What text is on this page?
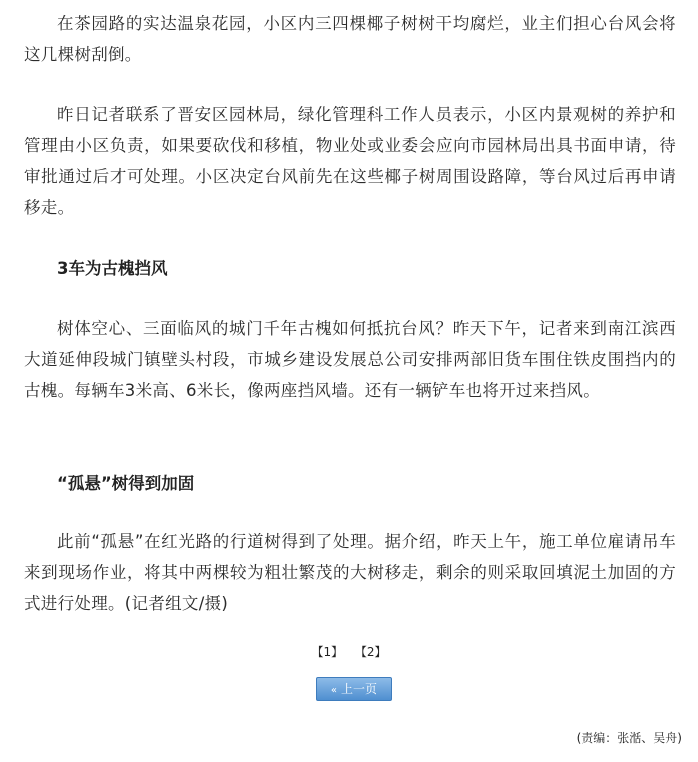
在茶园路的实达温泉花园，小区内三四棵椰子树树干均腐烂，业主们担心台风会将这几棵树刮倒。

昨日记者联系了晋安区园林局，绿化管理科工作人员表示，小区内景观树的养护和管理由小区负责，如果要砍伐和移植，物业处或业委会应向市园林局出具书面申请，待审批通过后才可处理。小区决定台风前先在这些椰子树周围设路障，等台风过后再申请移走。

3车为古槐挡风

树体空心、三面临风的城门千年古槐如何抵抗台风？昨天下午，记者来到南江滨西大道延伸段城门镇壁头村段，市城乡建设发展总公司安排两部旧货车围住铁皮围挡内的古槐。每辆车3米高、6米长，像两座挡风墙。还有一辆铲车也将开过来挡风。

“孤悬”树得到加固

此前“孤悬”在红光路的行道树得到了处理。据介绍，昨天上午，施工单位雇请吊车来到现场作业，将其中两棵较为粗壮繁茂的大树移走，剩余的则采取回填泥土加固的方式进行处理。(记者组文/摄)

【1】 【2】
« 上一页
(责编：张湉、吴舟)
